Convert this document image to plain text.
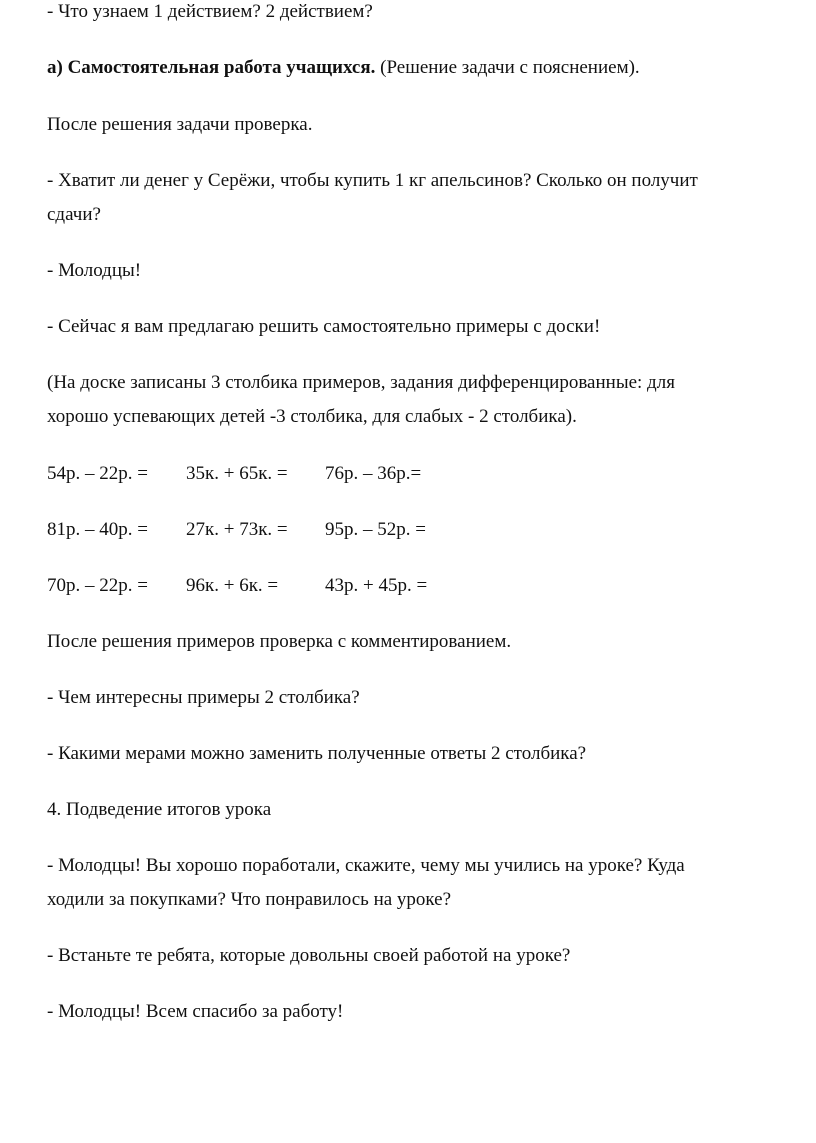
- Что узнаем 1 действием? 2 действием?
а) Самостоятельная работа учащихся. (Решение задачи с пояснением).
После решения задачи проверка.
- Хватит ли денег у Серёжи, чтобы купить 1 кг апельсинов? Сколько он получит
сдачи?
- Молодцы!
- Сейчас я вам предлагаю решить самостоятельно примеры с доски!
(На доске записаны 3 столбика примеров, задания дифференцированные: для
хорошо успевающих детей -3 столбика, для слабых - 2 столбика).
54р. – 22р. = 35к. + 65к. = 76р. – 36р.=
81р. – 40р. = 27к. + 73к. = 95р. – 52р. =
70р. – 22р. = 96к. + 6к. = 43р. + 45р. =
После решения примеров проверка с комментированием.
- Чем интересны примеры 2 столбика?
- Какими мерами можно заменить полученные ответы 2 столбика?
4. Подведение итогов урока
- Молодцы! Вы хорошо поработали, скажите, чему мы учились на уроке? Куда
ходили за покупками? Что понравилось на уроке?
- Встаньте те ребята, которые довольны своей работой на уроке?
- Молодцы! Всем спасибо за работу!
